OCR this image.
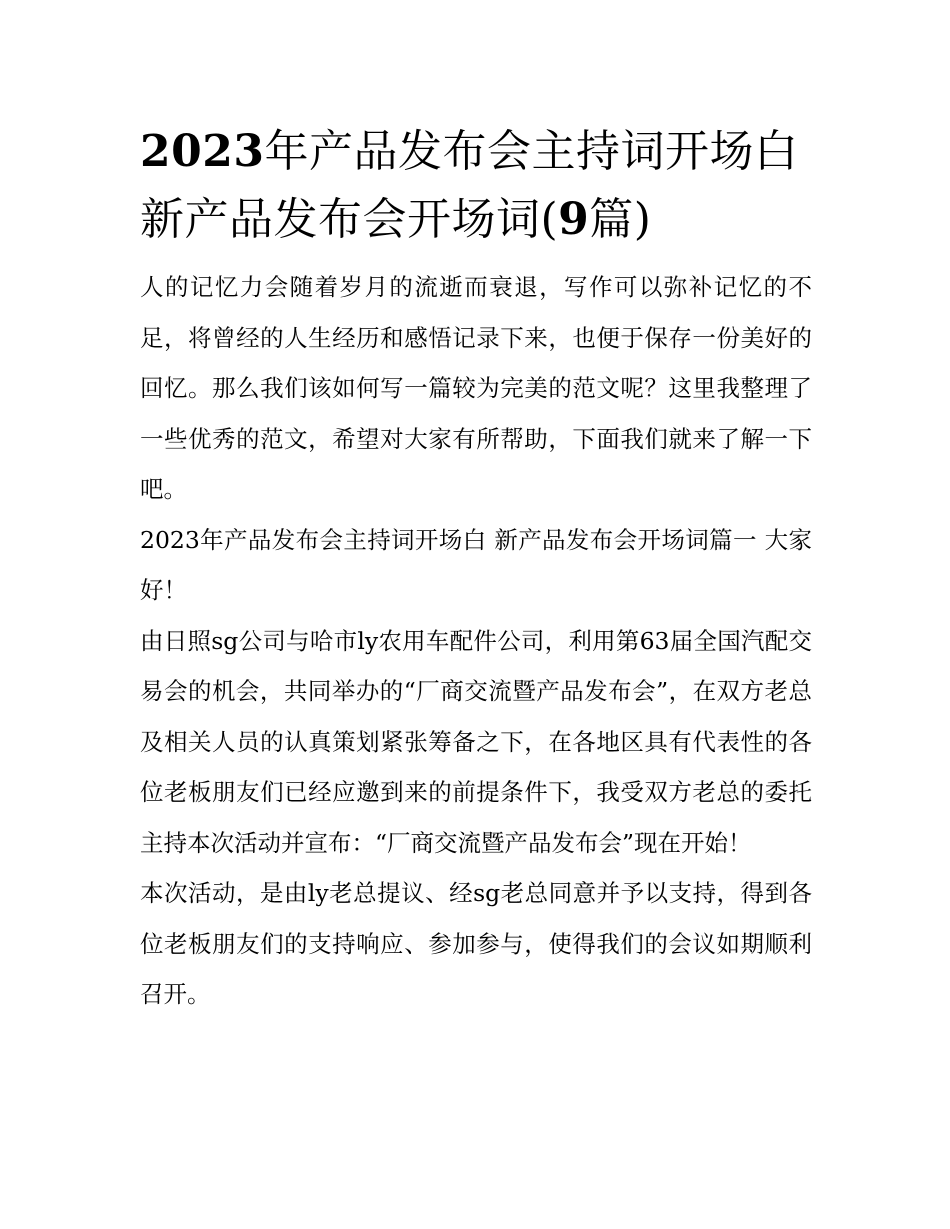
2023年产品发布会主持词开场白 新产品发布会开场词(9篇)

人的记忆力会随着岁月的流逝而衰退，写作可以弥补记忆的不足，将曾经的人生经历和感悟记录下来，也便于保存一份美好的回忆。那么我们该如何写一篇较为完美的范文呢？这里我整理了一些优秀的范文，希望对大家有所帮助，下面我们就来了解一下吧。

2023年产品发布会主持词开场白 新产品发布会开场词篇一 大家好！

由日照sg公司与哈市ly农用车配件公司，利用第63届全国汽配交易会的机会，共同举办的“厂商交流暨产品发布会”，在双方老总及相关人员的认真策划紧张筹备之下，在各地区具有代表性的各位老板朋友们已经应邀到来的前提条件下，我受双方老总的委托主持本次活动并宣布：“厂商交流暨产品发布会”现在开始！

本次活动，是由ly老总提议、经sg老总同意并予以支持，得到各位老板朋友们的支持响应、参加参与，使得我们的会议如期顺利召开。
